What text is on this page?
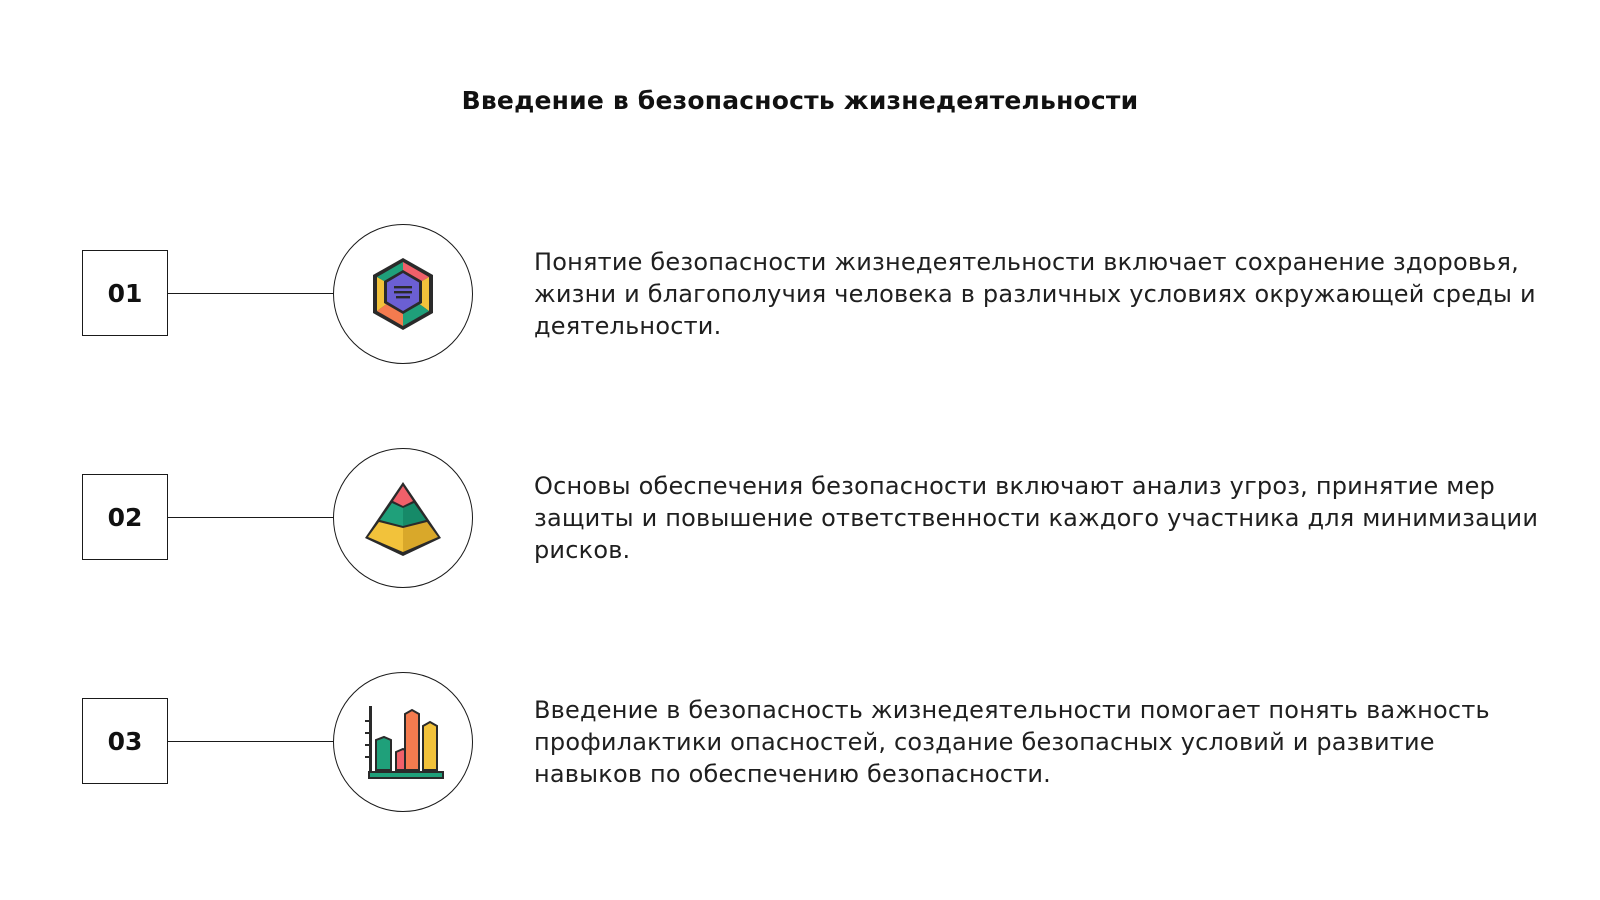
Введение в безопасность жизнедеятельности
01
Понятие безопасности жизнедеятельности включает сохранение здоровья, жизни и благополучия человека в различных условиях окружающей среды и деятельности.
02
Основы обеспечения безопасности включают анализ угроз, принятие мер защиты и повышение ответственности каждого участника для минимизации рисков.
03
Введение в безопасность жизнедеятельности помогает понять важность профилактики опасностей, создание безопасных условий и развитие навыков по обеспечению безопасности.
